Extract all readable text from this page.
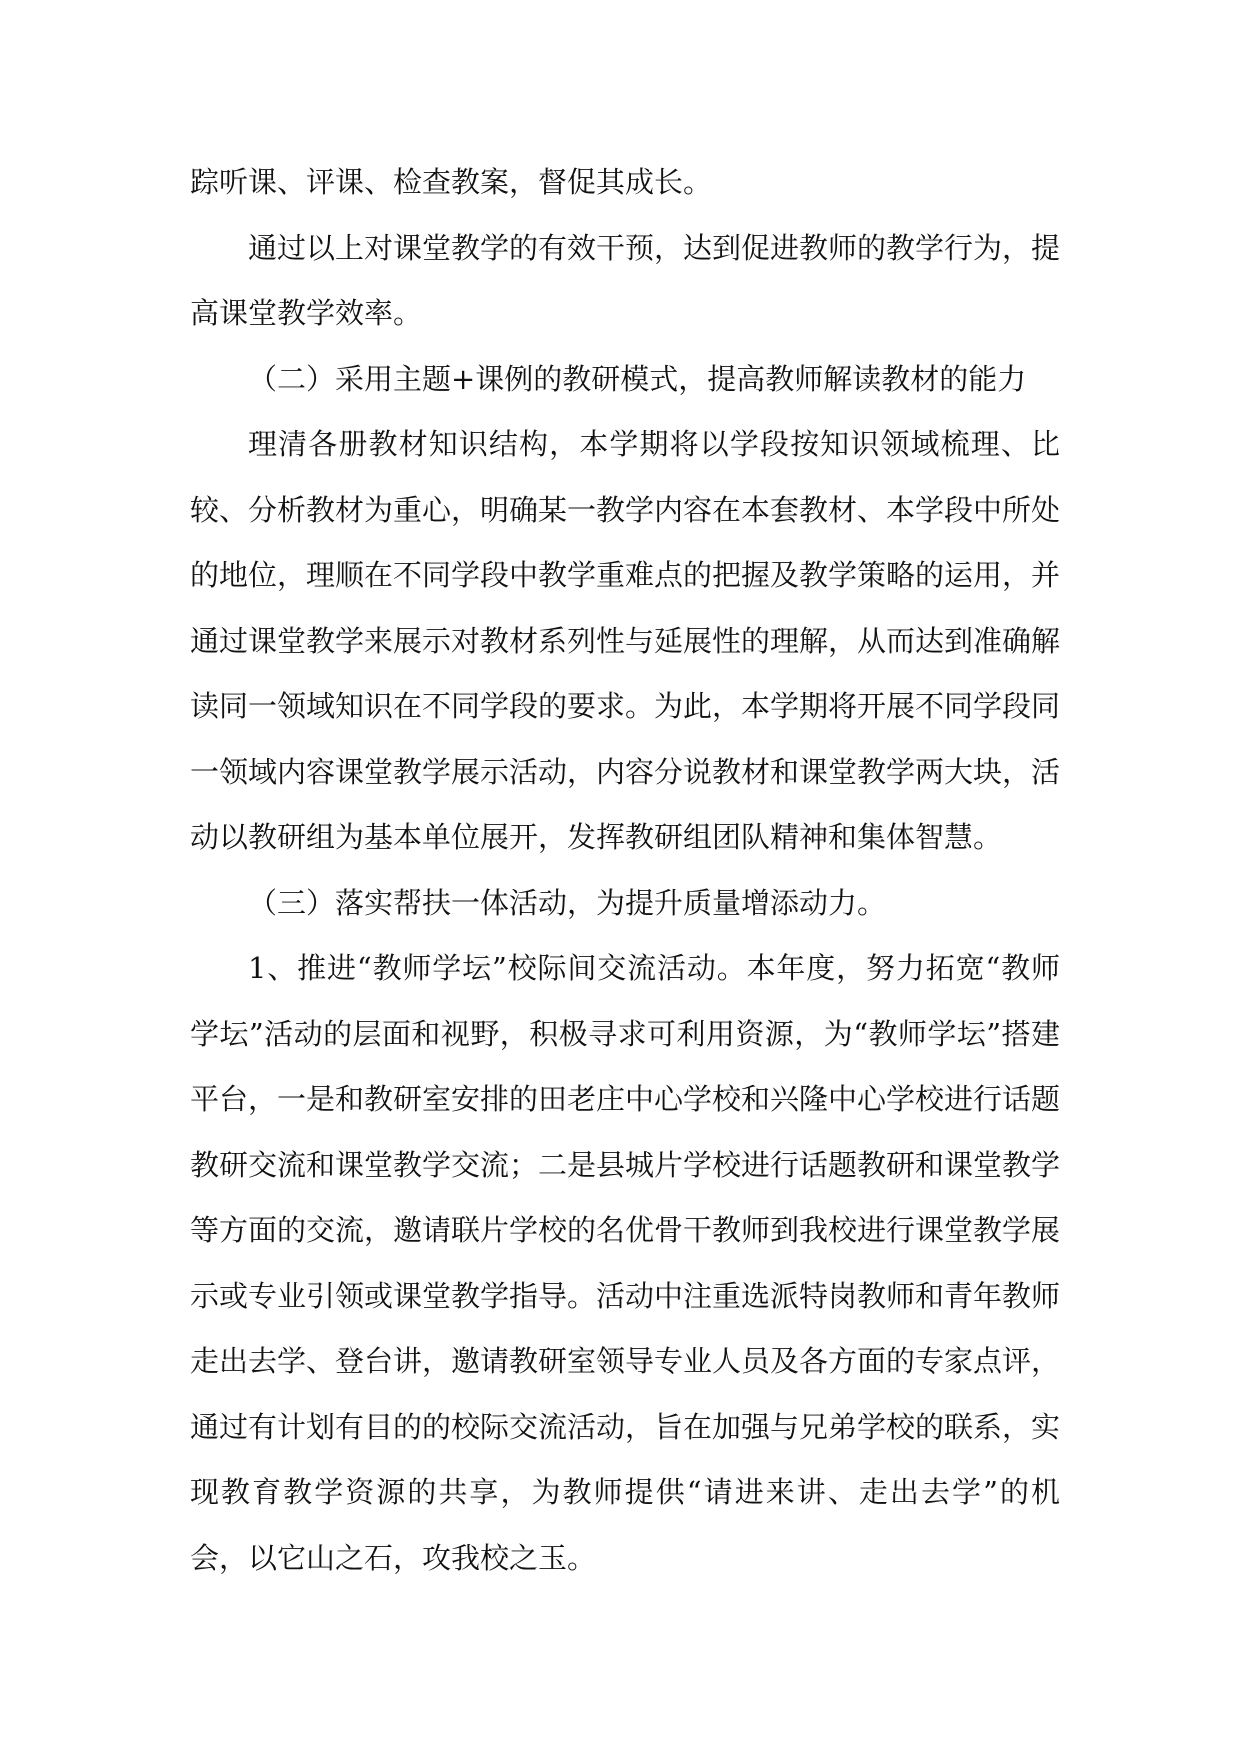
踪听课、评课、检查教案，督促其成长。

通过以上对课堂教学的有效干预，达到促进教师的教学行为，提高课堂教学效率。

（二）采用主题+课例的教研模式，提高教师解读教材的能力

理清各册教材知识结构，本学期将以学段按知识领域梳理、比较、分析教材为重心，明确某一教学内容在本套教材、本学段中所处的地位，理顺在不同学段中教学重难点的把握及教学策略的运用，并通过课堂教学来展示对教材系列性与延展性的理解，从而达到准确解读同一领域知识在不同学段的要求。为此，本学期将开展不同学段同一领域内容课堂教学展示活动，内容分说教材和课堂教学两大块，活动以教研组为基本单位展开，发挥教研组团队精神和集体智慧。

（三）落实帮扶一体活动，为提升质量增添动力。

1、推进“教师学坛”校际间交流活动。本年度，努力拓宽“教师学坛”活动的层面和视野，积极寻求可利用资源，为“教师学坛”搭建平台，一是和教研室安排的田老庄中心学校和兴隆中心学校进行话题教研交流和课堂教学交流；二是县城片学校进行话题教研和课堂教学等方面的交流，邀请联片学校的名优骨干教师到我校进行课堂教学展示或专业引领或课堂教学指导。活动中注重选派特岗教师和青年教师走出去学、登台讲，邀请教研室领导专业人员及各方面的专家点评，通过有计划有目的的校际交流活动，旨在加强与兄弟学校的联系，实现教育教学资源的共享，为教师提供“请进来讲、走出去学”的机会，以它山之石，攻我校之玉。
